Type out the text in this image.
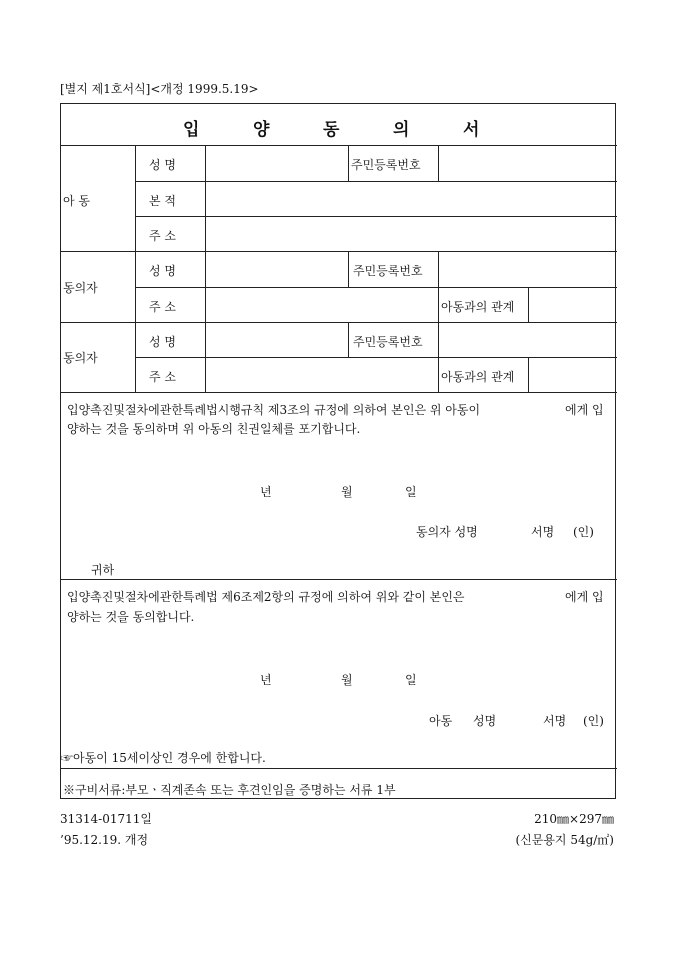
[별지 제1호서식]<개정 1999.5.19>
입	양	동	의	서
아 동
성 명	주민등록번호
본 적
주 소
동의자
성 명	주민등록번호
주 소	아동과의 관계
동의자
성 명	주민등록번호
주 소	아동과의 관계
입양촉진및절차에관한특례법시행규칙 제3조의 규정에 의하여 본인은 위 아동이	에게 입
양하는 것을 동의하며 위 아동의 친권일체를 포기합니다.
년	월	일
동의자 성명	서명 (인)
귀하
입양촉진및절차에관한특례법 제6조제2항의 규정에 의하여 위와 같이 본인은	에게 입
양하는 것을 동의합니다.
년	월	일
아동 성명	서명 (인)
☞아동이 15세이상인 경우에 한합니다.
※구비서류:부모ㆍ직계존속 또는 후견인임을 증명하는 서류 1부
31314-01711일	210㎜×297㎜
’95.12.19. 개정	(신문용지 54g/㎡)
